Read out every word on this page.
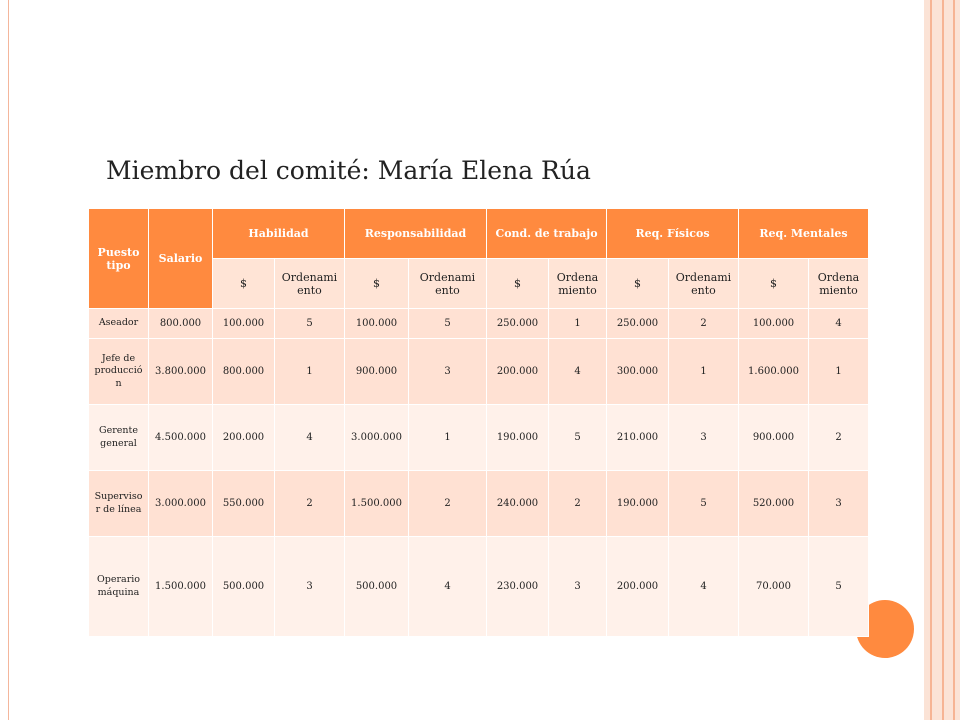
Miembro del comité: María Elena Rúa
Puesto tipo	Salario	Habilidad		Responsabilidad		Cond. de trabajo		Req. Físicos		Req. Mentales	
		$	Ordenami ento	$	Ordenami ento	$	Ordena miento	$	Ordenami ento	$	Ordena miento
Aseador	800.000	100.000	5	100.000	5	250.000	1	250.000	2	100.000	4
Jefe de producció n	3.800.000	800.000	1	900.000	3	200.000	4	300.000	1	1.600.000	1
Gerente general	4.500.000	200.000	4	3.000.000	1	190.000	5	210.000	3	900.000	2
Superviso r de línea	3.000.000	550.000	2	1.500.000	2	240.000	2	190.000	5	520.000	3
Operario máquina	1.500.000	500.000	3	500.000	4	230.000	3	200.000	4	70.000	5
